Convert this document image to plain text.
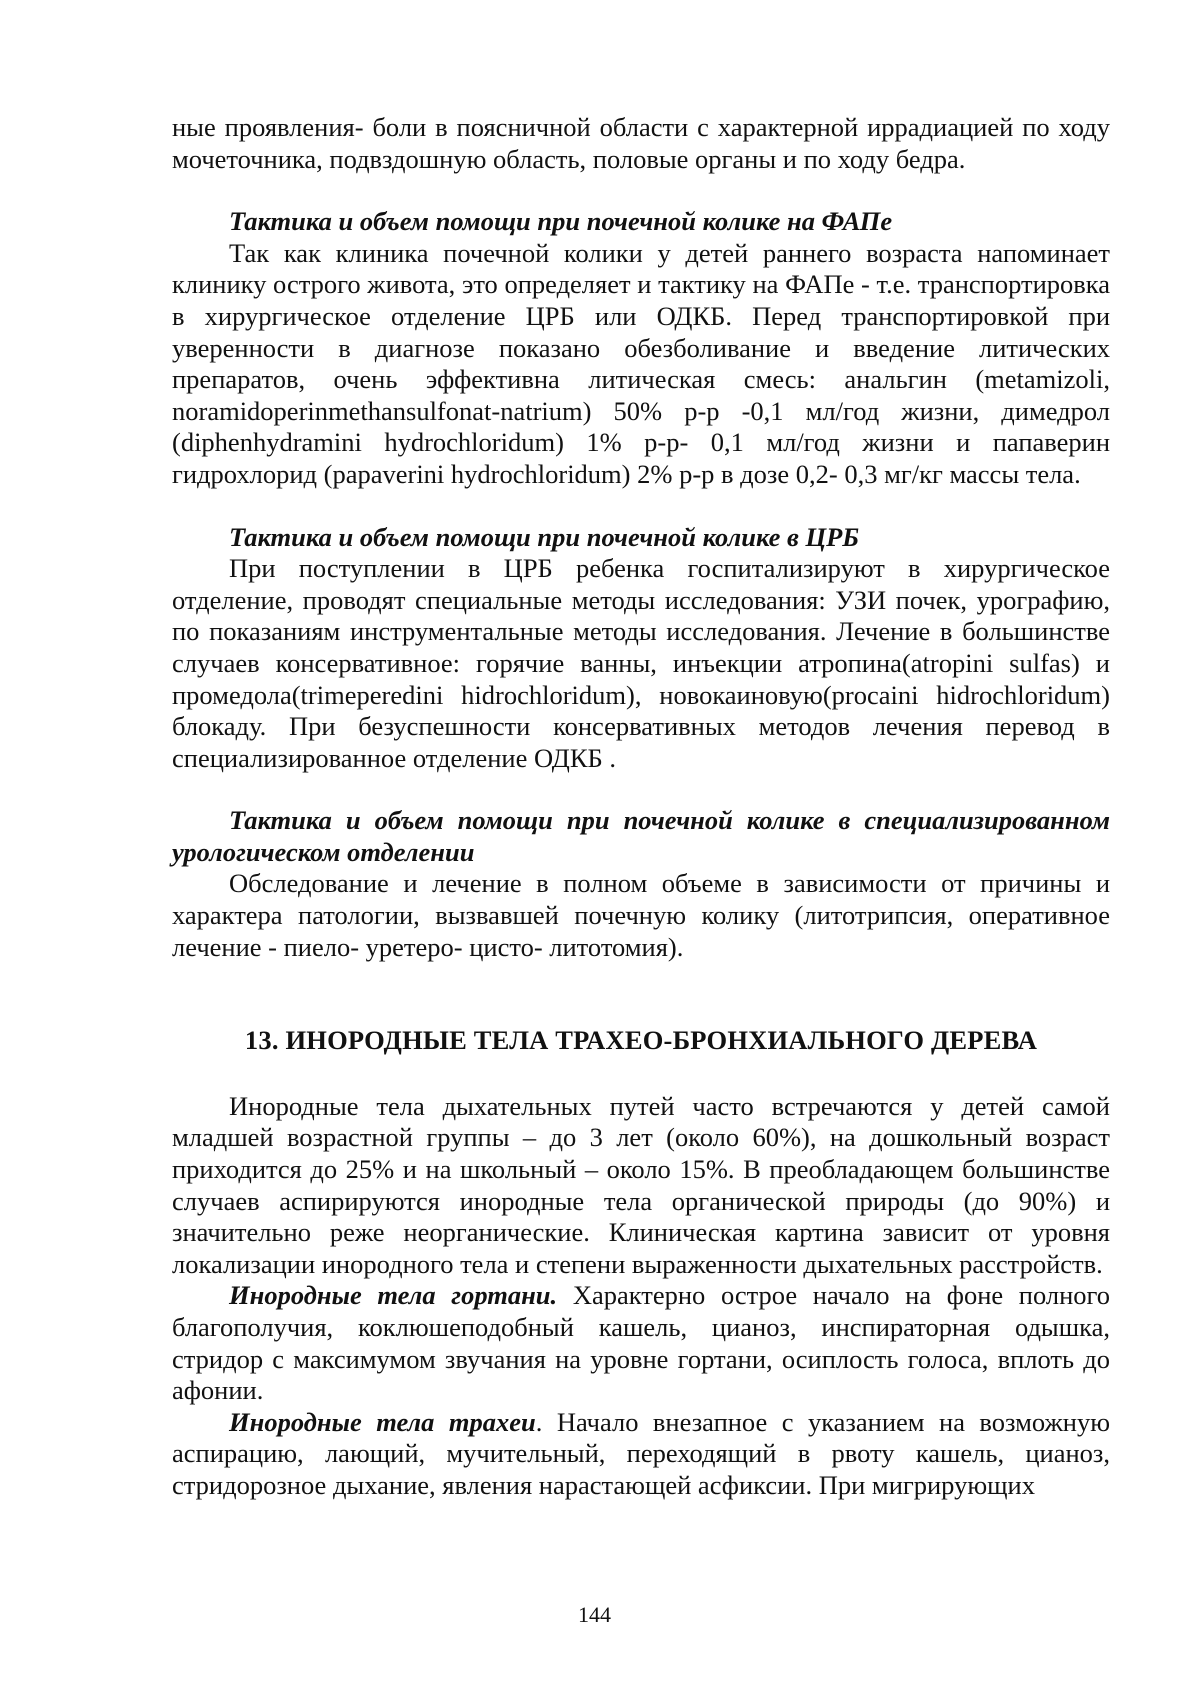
ные проявления- боли в поясничной области с характерной иррадиацией по ходу мочеточника, подвздошную область, половые органы и по ходу бедра.

Тактика и объем помощи при почечной колике на ФАПе

Так как клиника почечной колики у детей раннего возраста напоминает клинику острого живота, это определяет и тактику на ФАПе - т.е. транспортировка в хирургическое отделение ЦРБ или ОДКБ. Перед транспортировкой при уверенности в диагнозе показано обезболивание и введение литических препаратов, очень эффективна литическая смесь: анальгин (metamizoli, noramidoperinmethansulfonat-natrium) 50% р-р -0,1 мл/год жизни, димедрол (diphenhydramini hydrochloridum) 1% р-р- 0,1 мл/год жизни и папаверин гидрохлорид (papaverini hydrochloridum) 2% р-р в дозе 0,2- 0,3 мг/кг массы тела.

Тактика и объем помощи при почечной колике в ЦРБ

При поступлении в ЦРБ ребенка госпитализируют в хирургическое отделение, проводят специальные методы исследования: УЗИ почек, урографию, по показаниям инструментальные методы исследования. Лечение в большинстве случаев консервативное: горячие ванны, инъекции атропина(atropini sulfas) и промедола(trimeperedini hidrochloridum), новокаиновую(procaini hidrochloridum) блокаду. При безуспешности консервативных методов лечения перевод в специализированное отделение ОДКБ .

Тактика и объем помощи при почечной колике в специализированном урологическом отделении

Обследование и лечение в полном объеме в зависимости от причины и характера патологии, вызвавшей почечную колику (литотрипсия, оперативное лечение - пиело- уретеро- цисто- литотомия).

13. ИНОРОДНЫЕ ТЕЛА ТРАХЕО-БРОНХИАЛЬНОГО ДЕРЕВА

Инородные тела дыхательных путей часто встречаются у детей самой младшей возрастной группы – до 3 лет (около 60%), на дошкольный возраст приходится до 25% и на школьный – около 15%. В преобладающем большинстве случаев аспирируются инородные тела органической природы (до 90%) и значительно реже неорганические. Клиническая картина зависит от уровня локализации инородного тела и степени выраженности дыхательных расстройств.

Инородные тела гортани. Характерно острое начало на фоне полного благополучия, коклюшеподобный кашель, цианоз, инспираторная одышка, стридор с максимумом звучания на уровне гортани, осиплость голоса, вплоть до афонии.

Инородные тела трахеи. Начало внезапное с указанием на возможную аспирацию, лающий, мучительный, переходящий в рвоту кашель, цианоз, стридорозное дыхание, явления нарастающей асфиксии. При мигрирующих

144
